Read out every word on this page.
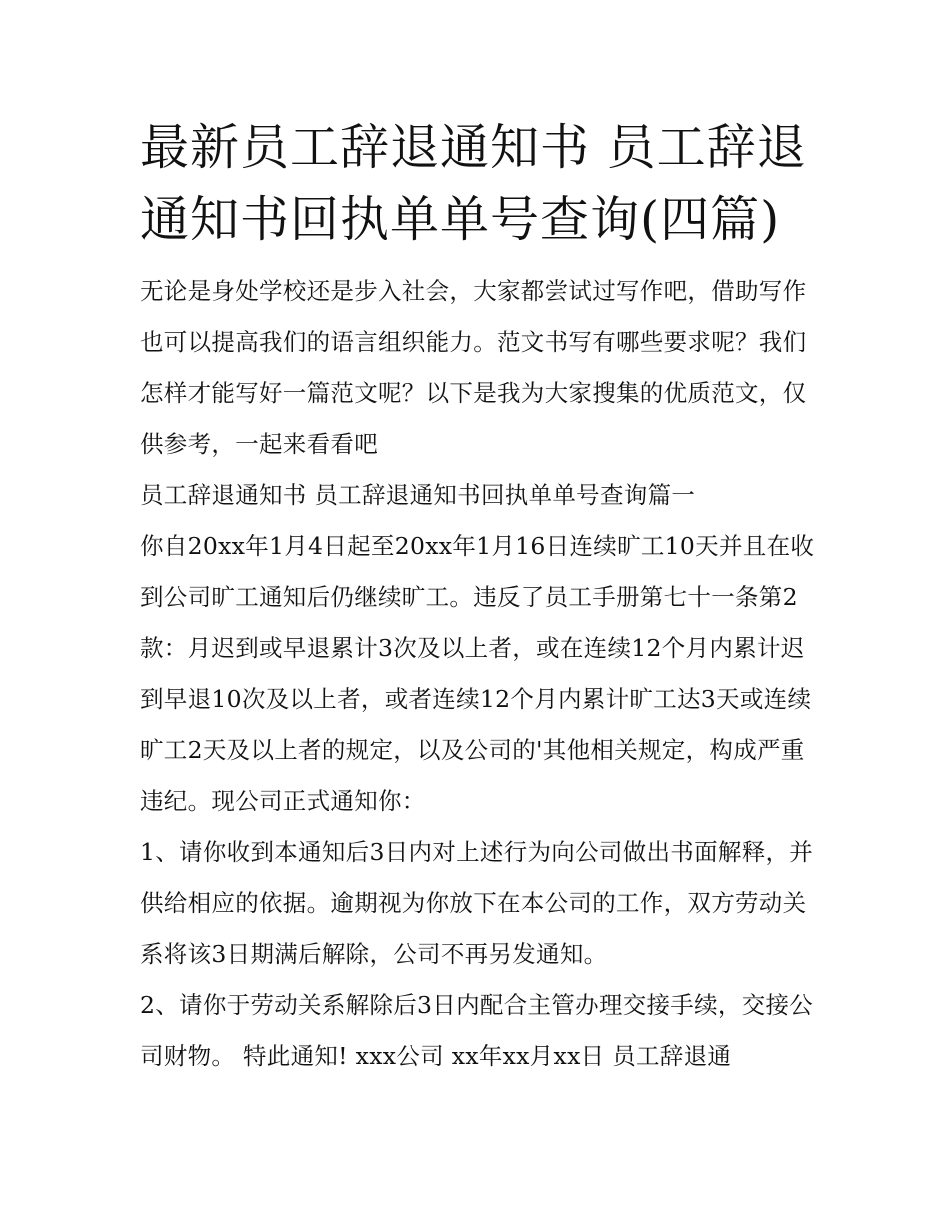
最新员工辞退通知书 员工辞退通知书回执单单号查询(四篇)

无论是身处学校还是步入社会，大家都尝试过写作吧，借助写作也可以提高我们的语言组织能力。范文书写有哪些要求呢？我们怎样才能写好一篇范文呢？以下是我为大家搜集的优质范文，仅供参考，一起来看看吧

员工辞退通知书 员工辞退通知书回执单单号查询篇一

你自20xx年1月4日起至20xx年1月16日连续旷工10天并且在收到公司旷工通知后仍继续旷工。违反了员工手册第七十一条第2款：月迟到或早退累计3次及以上者，或在连续12个月内累计迟到早退10次及以上者，或者连续12个月内累计旷工达3天或连续旷工2天及以上者的规定，以及公司的'其他相关规定，构成严重违纪。现公司正式通知你：

1、请你收到本通知后3日内对上述行为向公司做出书面解释，并供给相应的依据。逾期视为你放下在本公司的工作，双方劳动关系将该3日期满后解除，公司不再另发通知。

2、请你于劳动关系解除后3日内配合主管办理交接手续，交接公司财物。 特此通知! xxx公司 xx年xx月xx日 员工辞退通
